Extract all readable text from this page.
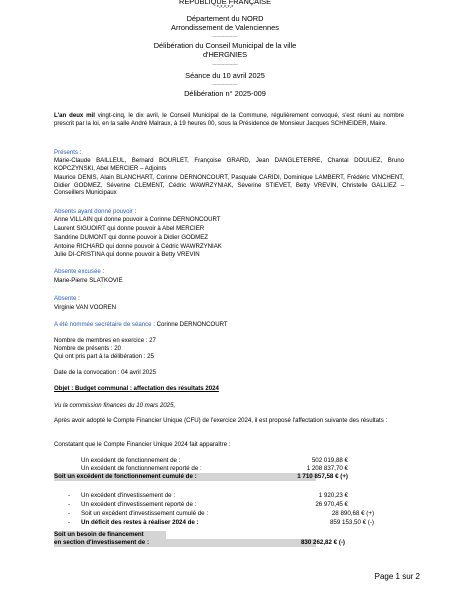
REPUBLIQUE FRANÇAISE
*-*-*-*-*
Département du NORD
Arrondissement de Valenciennes
-------------------
Délibération du Conseil Municipal de la ville
d'HERGNIES
-------------------
Séance du 10 avril 2025
-------------------
Délibération n° 2025-009
L'an deux mil vingt-cinq, le dix avril, le Conseil Municipal de la Commune, régulièrement convoqué, s'est réuni au nombre prescrit par la loi, en la salle André Malraux, à 19 heures 00, sous la Présidence de Monsieur Jacques SCHNEIDER, Maire.
Présents :
Marie-Claude BAILLEUL, Bernard BOURLET, Françoise GRARD, Jean DANGLETERRE, Chantal DOULIEZ, Bruno KOPCZYNSKI, Abel MERCIER – Adjoints
Maurice DENIS, Alain BLANCHART, Corinne DERNONCOURT, Pasquale CARIDI, Dominique LAMBERT, Frédéric VINCHENT, Didier GODMEZ, Séverine CLEMENT, Cédric WAWRZYNIAK, Séverine STIEVET, Betty VREVIN, Christelle GALLIEZ – Conseillers Municipaux
Absents ayant donné pouvoir :
Anne VILLAIN qui donne pouvoir à Corinne DERNONCOURT
Laurent SIGUOIRT qui donne pouvoir à Abel MERCIER
Sandrine DUMONT qui donne pouvoir à Didier GODMEZ
Antoine RICHARD qui donne pouvoir à Cédric WAWRZYNIAK
Julie DI-CRISTINA qui donne pouvoir à Betty VREVIN
Absente excusée :
Marie-Pierre SLATKOVIE
Absente :
Virginie VAN VOOREN
A été nommée secrétaire de séance : Corinne DERNONCOURT
Nombre de membres en exercice : 27
Nombre de présents : 20
Qui ont pris part à la délibération : 25
Date de la convocation : 04 avril 2025
Objet : Budget communal : affectation des résultats 2024
Vu la commission finances du 10 mars 2025,
Après avoir adopté le Compte Financier Unique (CFU) de l'exercice 2024, il est proposé l'affectation suivante des résultats :
Constatant que le Compte Financier Unique 2024 fait apparaître :
Un excédent de fonctionnement de :	502 019,88 €
Un excédent de fonctionnement reporté de :	1 208 837,70 €
Soit un excédent de fonctionnement cumulé de :	1 710 857,58 € (+)
- Un excédent d'investissement de :	1 920,23 €
- Un excédent d'investissement reporté de :	26 970,45 €
- Soit un excédent d'investissement cumulé de :	28 890,68 € (+)
- Un déficit des restes à réaliser 2024 de :	859 153,50 € (-)
Soit un besoin de financement
en section d'investissement de :	830 262,82 € (-)
Page 1 sur 2
